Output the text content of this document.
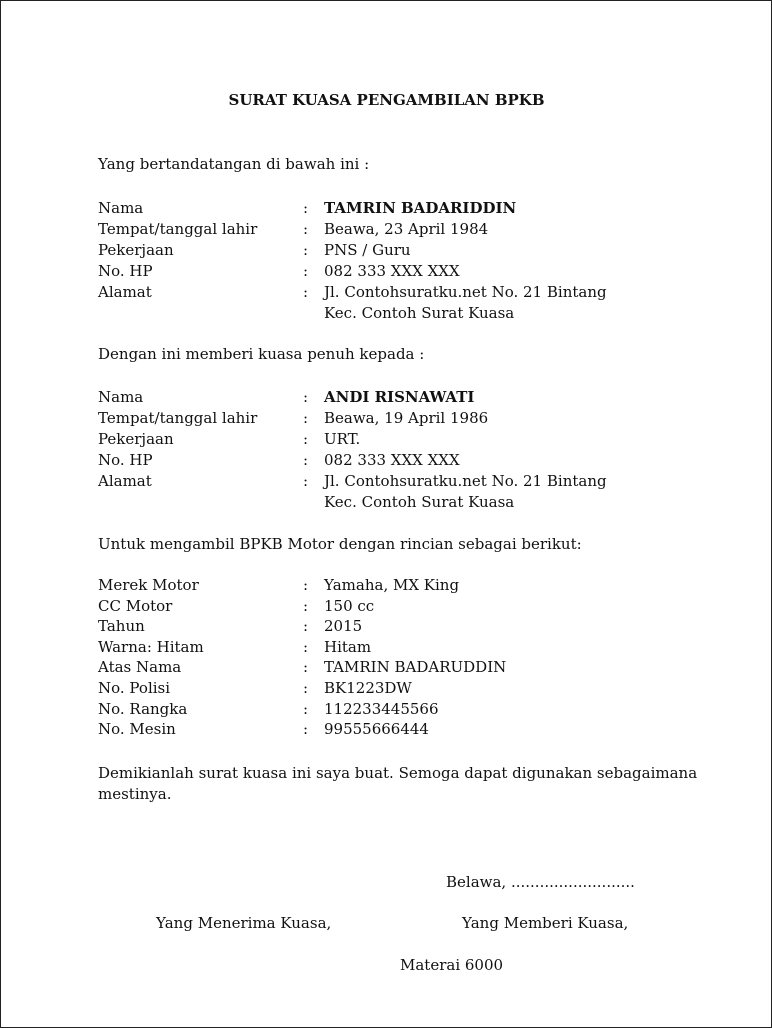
SURAT KUASA PENGAMBILAN BPKB
Yang bertandatangan di bawah ini :
Nama	: TAMRIN BADARIDDIN
Tempat/tanggal lahir	: Beawa, 23 April 1984
Pekerjaan	: PNS / Guru
No. HP	: 082 333 XXX XXX
Alamat	: Jl. Contohsuratku.net No. 21 Bintang
Kec. Contoh Surat Kuasa
Dengan ini memberi kuasa penuh kepada :
Nama	: ANDI RISNAWATI
Tempat/tanggal lahir	: Beawa, 19 April 1986
Pekerjaan	: URT.
No. HP	: 082 333 XXX XXX
Alamat	: Jl. Contohsuratku.net No. 21 Bintang
Kec. Contoh Surat Kuasa
Untuk mengambil BPKB Motor dengan rincian sebagai berikut:
Merek Motor	: Yamaha, MX King
CC Motor	: 150 cc
Tahun	: 2015
Warna: Hitam	: Hitam
Atas Nama	: TAMRIN BADARUDDIN
No. Polisi	: BK1223DW
No. Rangka	: 112233445566
No. Mesin	: 99555666444
Demikianlah surat kuasa ini saya buat. Semoga dapat digunakan sebagaimana mestinya.
Belawa, ..........................
Yang Menerima Kuasa,	Yang Memberi Kuasa,
Materai 6000
